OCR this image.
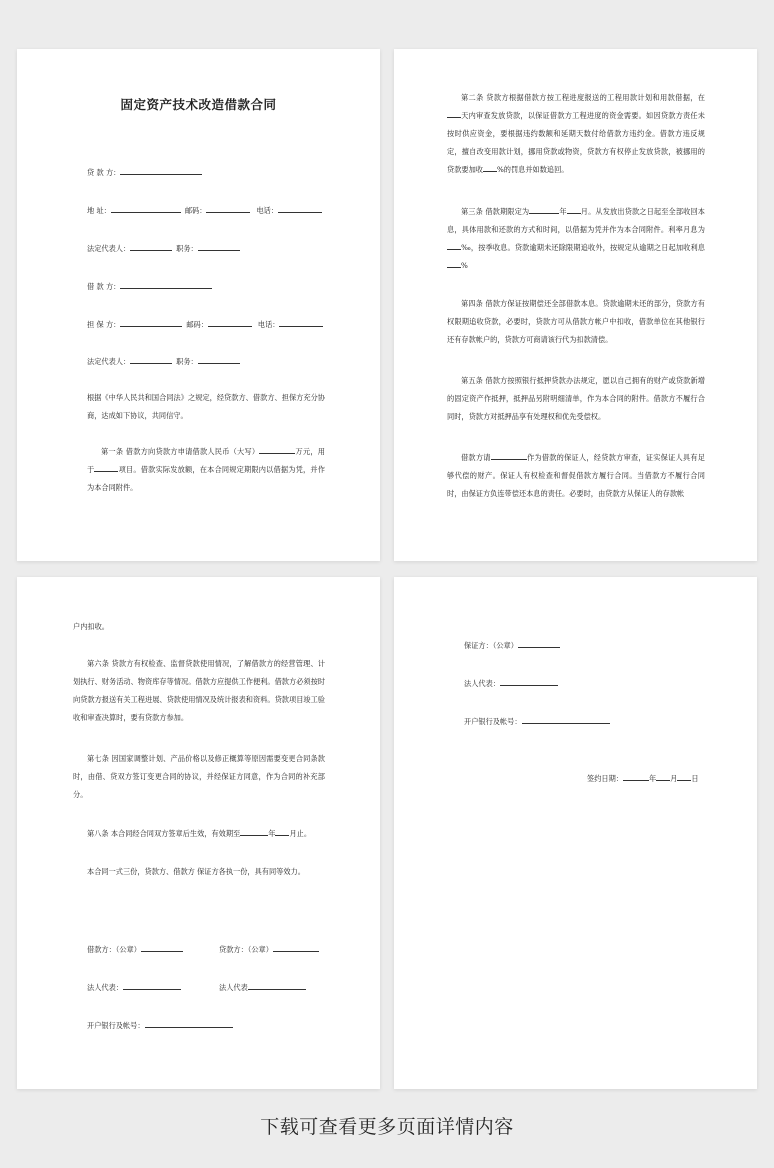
固定资产技术改造借款合同
贷 款 方：
地 址：	邮码：	电话：
法定代表人：	职务：
借 款 方：
担 保 方：	邮码：	电话：
法定代表人：	职务：
根据《中华人民共和国合同法》之规定，经贷款方、借款方、担保方充分协商，达成如下协议，共同信守。
第一条 借款方向贷款方申请借款人民币（大写）	万元，用于	项目。借款实际发放额，在本合同规定期限内以借据为凭，并作为本合同附件。
第二条 贷款方根据借款方按工程进度报送的工程用款计划和用款借据，在天内审查发放贷款，以保证借款方工程进度的资金需要。如因贷款方责任未按时供应资金，要根据违约数额和延期天数付给借款方违约金。借款方违反规定，擅自改变用款计划，挪用贷款或物资，贷款方有权停止发放贷款，被挪用的贷款要加收 %的罚息并如数追回。
第三条 借款期限定为	年 月。从发放出贷款之日起至全部收回本息，具体用款和还款的方式和时间，以借据为凭并作为本合同附件。利率月息为‰，按季收息。贷款逾期未还除限期追收外，按规定从逾期之日起加收利息%
第四条 借款方保证按期偿还全部借款本息。贷款逾期未还的部分，贷款方有权限期追收贷款，必要时，贷款方可从借款方帐户中扣收，借款单位在其他银行还有存款帐户的，贷款方可商请该行代为扣款清偿。
第五条 借款方按照银行抵押贷款办法规定，愿以自己拥有的财产或贷款新增的固定资产作抵押，抵押品另附明细清单，作为本合同的附件。借款方不履行合同时，贷款方对抵押品享有处理权和优先受偿权。
借款方请	作为借款的保证人，经贷款方审查，证实保证人具有足够代偿的财产。保证人有权检查和督促借款方履行合同。当借款方不履行合同时，由保证方负连带偿还本息的责任。必要时，由贷款方从保证人的存款帐
户内扣收。
第六条 贷款方有权检查、监督贷款使用情况，了解借款方的经营管理、计划执行、财务活动、物资库存等情况。借款方应提供工作便利。借款方必须按时向贷款方报送有关工程进展、贷款使用情况及统计报表和资料。贷款项目竣工验收和审查决算时，要有贷款方参加。
第七条 因国家调整计划、产品价格以及修正概算等原因需要变更合同条款时，由借、贷双方签订变更合同的协议，并经保证方同意，作为合同的补充部分。
第八条 本合同经合同双方签章后生效，有效期至	年 月止。
本合同一式三份，贷款方、借款方 保证方各执一份，具有同等效力。
借款方：（公章）	贷款方：（公章）
法人代表：	法人代表
开户银行及帐号：
保证方：（公章）
法人代表：
开户银行及帐号：
签约日期：	年 月 日
下载可查看更多页面详情内容
